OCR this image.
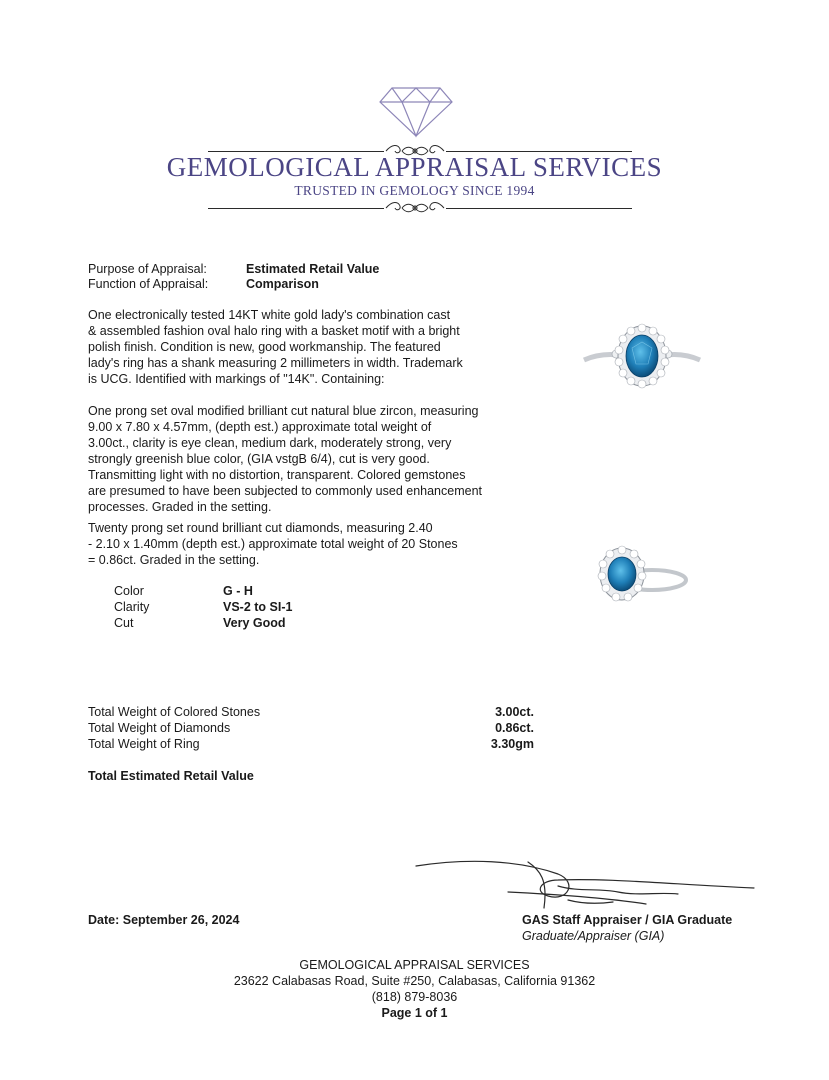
GEMOLOGICAL APPRAISAL SERVICES
TRUSTED IN GEMOLOGY SINCE 1994
Purpose of Appraisal:	Estimated Retail Value
Function of Appraisal:	Comparison
One electronically tested 14KT white gold lady's combination cast
& assembled fashion oval halo ring with a basket motif with a bright
polish finish. Condition is new, good workmanship. The featured
lady's ring has a shank measuring 2 millimeters in width. Trademark
is UCG. Identified with markings of "14K". Containing:
One prong set oval modified brilliant cut natural blue zircon, measuring
9.00 x 7.80 x 4.57mm, (depth est.) approximate total weight of
3.00ct., clarity is eye clean, medium dark, moderately strong, very
strongly greenish blue color, (GIA vstgB 6/4), cut is very good.
Transmitting light with no distortion, transparent. Colored gemstones
are presumed to have been subjected to commonly used enhancement
processes. Graded in the setting.
Twenty prong set round brilliant cut diamonds, measuring 2.40
- 2.10 x 1.40mm (depth est.) approximate total weight of 20 Stones
= 0.86ct. Graded in the setting.
Color	G - H
Clarity	VS-2 to SI-1
Cut	Very Good
Total Weight of Colored Stones	3.00ct.
Total Weight of Diamonds	0.86ct.
Total Weight of Ring	3.30gm
Total Estimated Retail Value
Date: September 26, 2024	GAS Staff Appraiser / GIA Graduate
Graduate/Appraiser (GIA)
GEMOLOGICAL APPRAISAL SERVICES
23622 Calabasas Road, Suite #250, Calabasas, California 91362
(818) 879-8036
Page 1 of 1
